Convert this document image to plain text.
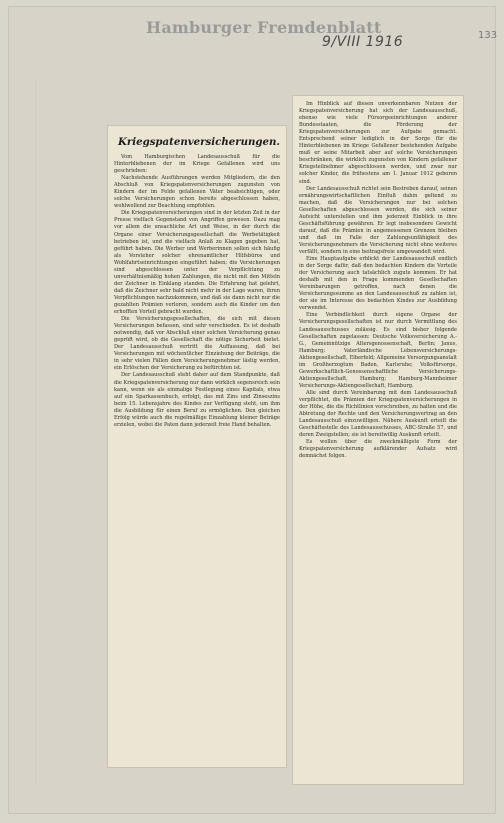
Hamburger Fremdenblatt
9/VIII 1916	133
Kriegspatenversicherungen.

Vom Hamburgischen Landesausschuß für die Hinterbliebenen der im Kriege Gefallenen wird uns geschrieben:

Nachstehende Ausführungen werden Mitgliedern, die den Abschluß von Kriegspatenversicherungen zugunsten von Kindern der im Felde gefallenen Väter beabsichtigen, oder solche Versicherungen schon bereits abgeschlossen haben, wohlwollend zur Beachtung empfohlen.

Die Kriegspatenversicherungen sind in der letzten Zeit in der Presse vielfach Gegenstand von Angriffen gewesen. Dazu mag vor allem die unsachliche Art und Weise, in der durch die Organe einer Versicherungsgesellschaft die Werbetätigkeit betrieben ist, und die vielfach Anlaß zu Klagen gegeben hat, geführt haben. Die Werber und Werberinnen sollen sich häufig als Vorsteher solcher ehrenamtlicher Hilfsbüros und Wohlfahrtseinrichtungen eingeführt haben; die Versicherungen sind abgeschlossen unter der Verpflichtung zu unverhältnismäßig hohen Zahlungen, die nicht mit den Mitteln der Zeichner in Einklang standen. Die Erfahrung hat gelehrt, daß die Zeichner sehr bald nicht mehr in der Lage waren, ihren Verpflichtungen nachzukommen, und daß sie dann nicht nur die gezahlten Prämien verloren, sondern auch die Kinder um den erhofften Vorteil gebracht wurden.

Die Versicherungsgesellschaften, die sich mit diesen Versicherungen befassen, sind sehr verschieden. Es ist deshalb notwendig, daß vor Abschluß einer solchen Versicherung genau geprüft wird, ob die Gesellschaft die nötige Sicherheit bietet. Der Landesausschuß vertritt die Auffassung, daß bei Versicherungen mit wöchentlicher Einziehung der Beiträge, die in sehr vielen Fällen dem Versicherungsnehmer lästig werden, ein Erlöschen der Versicherung zu befürchten ist.

Der Landesausschuß steht daher auf dem Standpunkte, daß die Kriegspatenversicherung nur dann wirklich segensreich sein kann, wenn sie als einmalige Festlegung eines Kapitals, etwa auf ein Sparkassenbuch, erfolgt, das mit Zins und Zinseszins beim 15. Lebensjahre des Kindes zur Verfügung steht, um ihm die Ausbildung für einen Beruf zu ermöglichen. Den gleichen Erfolg würde auch die regelmäßige Einzahlung kleiner Beträge erzielen, wobei die Paten dann jederzeit freie Hand behalten.

Im Hinblick auf diesen unverkennbaren Nutzen der Kriegspatenversicherung hat sich der Landesausschuß, ebenso wie viele Fürsorgeeinrichtungen anderer Bundesstaaten, die Förderung der Kriegspatenversicherungen zur Aufgabe gemacht. Entsprechend seiner lediglich in der Sorge für die Hinterbliebenen im Kriege Gefallener bestehenden Aufgabe muß er seine Mitarbeit aber auf solche Versicherungen beschränken, die wirklich zugunsten von Kindern gefallener Kriegsteilnehmer abgeschlossen werden, und zwar nur solcher Kinder, die frühestens am 1. Januar 1912 geboren sind.

Der Landesausschuß richtet sein Bestreben darauf, seinen ernährungswirtschaftlichen Einfluß dahin geltend zu machen, daß die Versicherungen nur bei solchen Gesellschaften abgeschlossen werden, die sich seiner Aufsicht unterstellen und ihm jederzeit Einblick in ihre Geschäftsführung gewähren. Er legt insbesondere Gewicht darauf, daß die Prämien in angemessenen Grenzen bleiben und daß im Falle der Zahlungsunfähigkeit des Versicherungsnehmers die Versicherung nicht ohne weiteres verfällt, sondern in eine beitragsfreie umgewandelt wird.

Eine Hauptaufgabe erblickt der Landesausschuß endlich in der Sorge dafür, daß den bedachten Kindern die Vorteile der Versicherung auch tatsächlich zugute kommen. Er hat deshalb mit den in Frage kommenden Gesellschaften Vereinbarungen getroffen, nach denen die Versicherungssumme an den Landesausschuß zu zahlen ist, der sie im Interesse des bedachten Kindes zur Ausbildung verwendet.

Eine Verbindlichkeit durch eigene Organe der Versicherungsgesellschaften ist nur durch Vermittlung des Landesausschusses zulässig. Es sind bisher folgende Gesellschaften zugelassen: Deutsche Volksversicherung A.-G., Gemeinnützige Altersgenossenschaft, Berlin; Janus, Hamburg; Vaterländische Lebensversicherungs-Aktiengesellschaft, Elberfeld; Allgemeine Versorgungsanstalt im Großherzogtum Baden, Karlsruhe; Volksfürsorge, Gewerkschaftlich-Genossenschaftliche Versicherungs-Aktiengesellschaft, Hamburg; Hamburg-Mannheimer Versicherungs-Aktiengesellschaft, Hamburg.

Alle sind durch Vereinbarung mit dem Landesausschuß verpflichtet, die Prämien der Kriegspatenversicherungen in der Höhe, die die Richtlinien vorschreiben, zu halten und die Abtretung der Rechte und den Versicherungsvertrag an den Landesausschuß einzuwilligen. Nähere Auskunft erteilt die Geschäftsstelle des Landesausschusses, ABC-Straße 57, und deren Zweigstellen; sie ist bereitwillig Auskunft erteilt.

Es wollen über die zweckmäßigste Form der Kriegspatenversicherung aufklärender Aufsatz wird demnächst folgen.
